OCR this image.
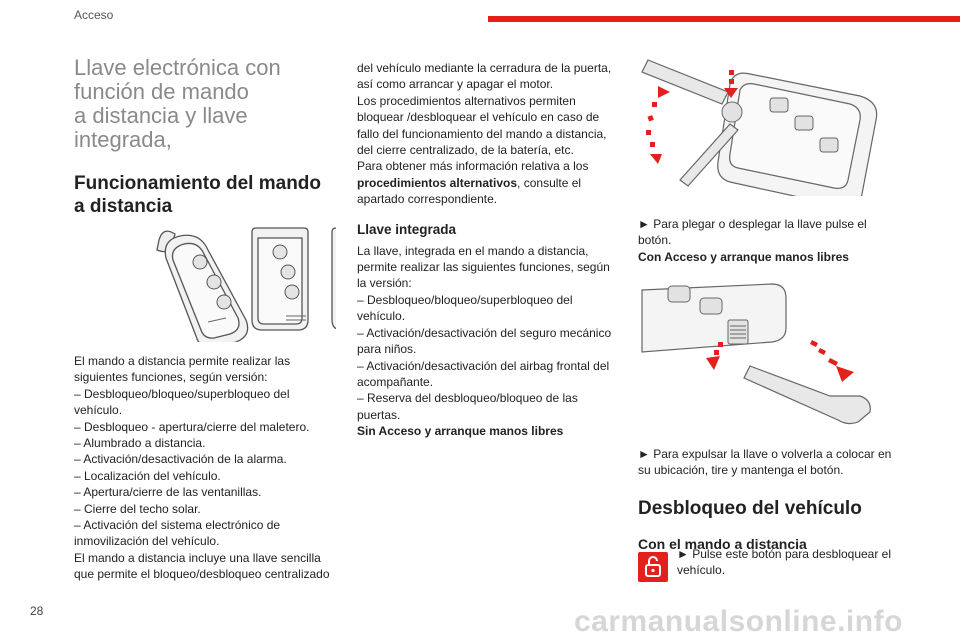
Acceso
Llave electrónica con
función de mando
a distancia y llave
integrada,
Funcionamiento del mando
a distancia

El mando a distancia permite realizar las
siguientes funciones, según versión:
– Desbloqueo/bloqueo/superbloqueo del
vehículo.
– Desbloqueo - apertura/cierre del maletero.
– Alumbrado a distancia.
– Activación/desactivación de la alarma.
– Localización del vehículo.
– Apertura/cierre de las ventanillas.
– Cierre del techo solar.
– Activación del sistema electrónico de
inmovilización del vehículo.
El mando a distancia incluye una llave sencilla
que permite el bloqueo/desbloqueo centralizado

del vehículo mediante la cerradura de la puerta,
así como arrancar y apagar el motor.
Los procedimientos alternativos permiten
bloquear /desbloquear el vehículo en caso de
fallo del funcionamiento del mando a distancia,
del cierre centralizado, de la batería, etc.
Para obtener más información relativa a los
procedimientos alternativos, consulte el
apartado correspondiente.

Llave integrada

La llave, integrada en el mando a distancia,
permite realizar las siguientes funciones, según
la versión:
– Desbloqueo/bloqueo/superbloqueo del
vehículo.
– Activación/desactivación del seguro mecánico
para niños.
– Activación/desactivación del airbag frontal del
acompañante.
– Reserva del desbloqueo/bloqueo de las
puertas.
Sin Acceso y arranque manos libres

► Para plegar o desplegar la llave pulse el
botón.
Con Acceso y arranque manos libres

► Para expulsar la llave o volverla a colocar en
su ubicación, tire y mantenga el botón.

Desbloqueo del vehículo
Con el mando a distancia

► Pulse este botón para desbloquear el
vehículo.

28	carmanualsonline.info
